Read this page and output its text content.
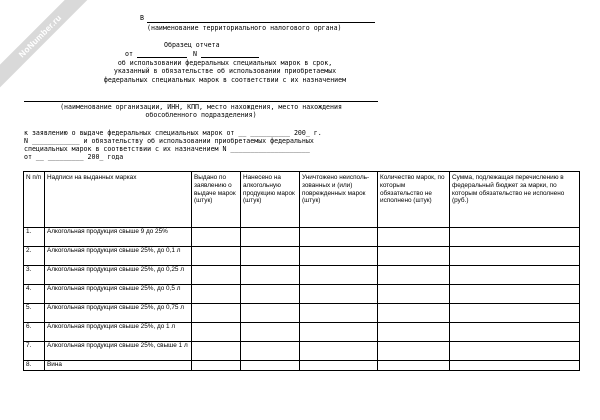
NoNumber.ru	В
(наименование территориального налогового органа)
Образец отчета
от	N
об использовании федеральных специальных марок в срок,
указанный в обязательстве об использовании приобретаемых
федеральных специальных марок в соответствии с их назначением
(наименование организации, ИНН, КПП, место нахождения, место нахождения
обособленного подразделения)
к заявлению о выдаче федеральных специальных марок от __ __________ 200_ г.
N ____________ и обязательству об использовании приобретаемых федеральных
специальных марок в соответствии с их назначением N ____________________
от __ _________ 200_ года
N п/п	Надписи на выданных марках	Выдано по заявлению о выдаче марок (штук)	Нанесено на алкогольную продукцию марок (штук)	Уничтожено неисполь-зованных и (или) поврежденных марок (штук)	Количество марок, по которым обязательство не исполнено (штук)	Сумма, подлежащая перечислению в федеральный бюджет за марки, по которым обязательство не исполнено (руб.)
1.	Алкогольная продукция свыше 9 до 25%					
2.	Алкогольная продукция свыше 25%, до 0,1 л					
3.	Алкогольная продукция свыше 25%, до 0,25 л					
4.	Алкогольная продукция свыше 25%, до 0,5 л					
5.	Алкогольная продукция свыше 25%, до 0,75 л					
6.	Алкогольная продукция свыше 25%, до 1 л					
7.	Алкогольная продукция свыше 25%, свыше 1 л					
8.	Вина					
